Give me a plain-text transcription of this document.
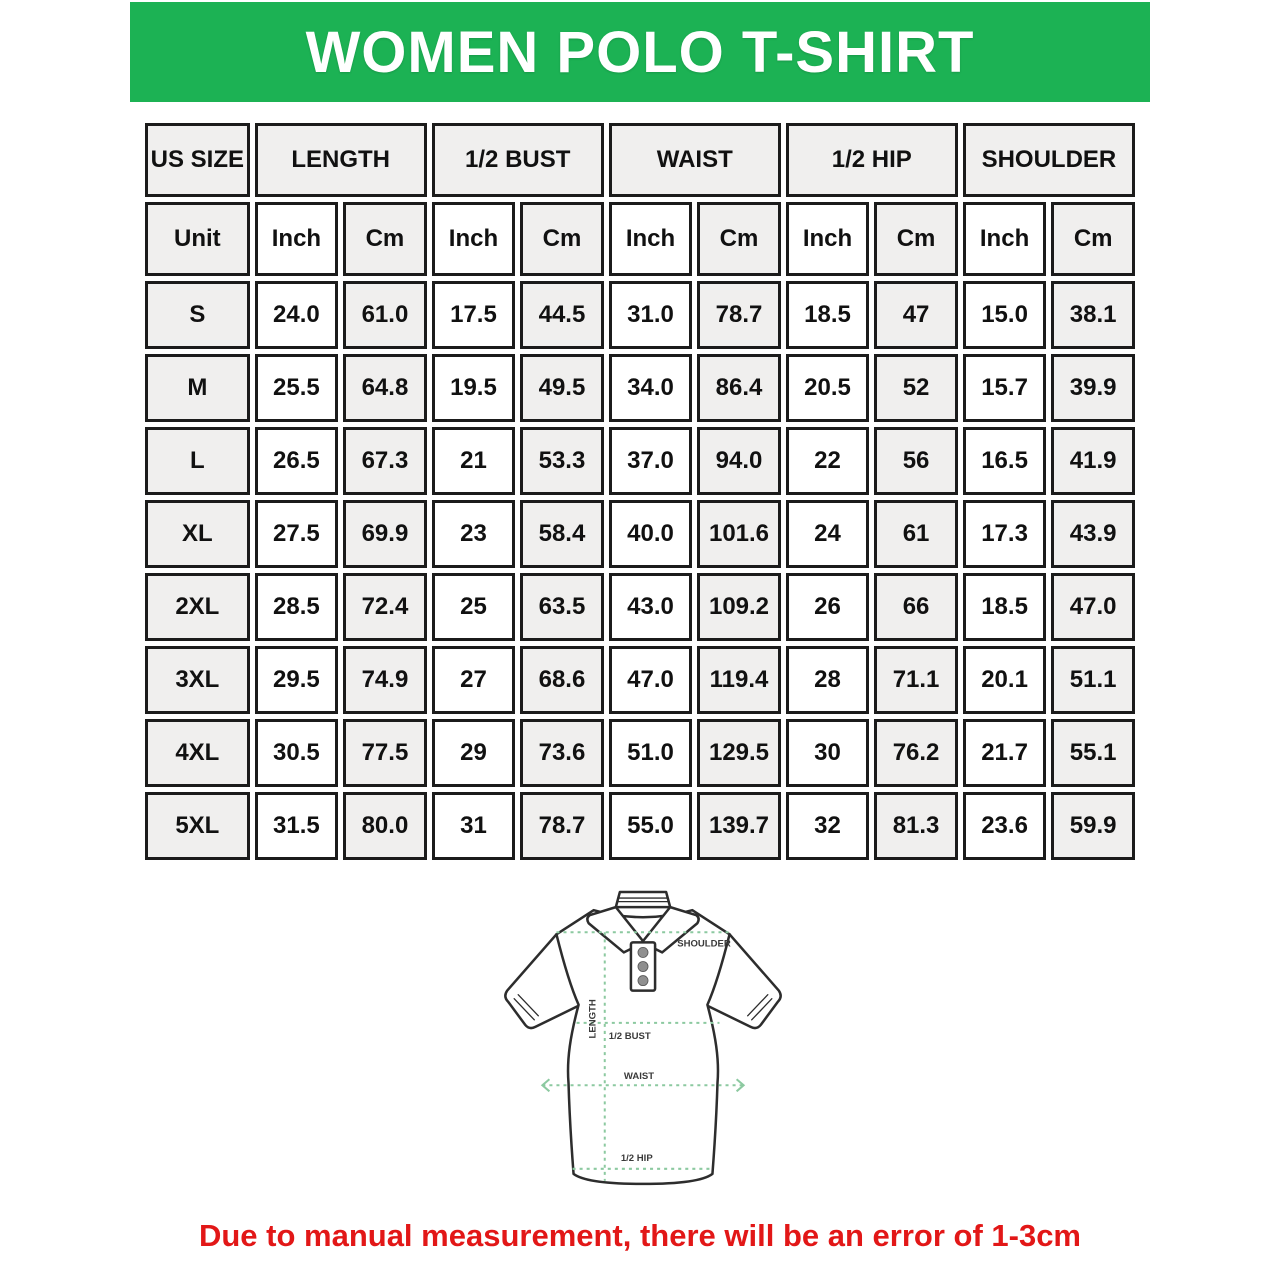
WOMEN POLO T-SHIRT
US SIZE	LENGTH		1/2 BUST		WAIST		1/2 HIP		SHOULDER	
Unit	Inch	Cm	Inch	Cm	Inch	Cm	Inch	Cm	Inch	Cm
S	24.0	61.0	17.5	44.5	31.0	78.7	18.5	47	15.0	38.1
M	25.5	64.8	19.5	49.5	34.0	86.4	20.5	52	15.7	39.9
L	26.5	67.3	21	53.3	37.0	94.0	22	56	16.5	41.9
XL	27.5	69.9	23	58.4	40.0	101.6	24	61	17.3	43.9
2XL	28.5	72.4	25	63.5	43.0	109.2	26	66	18.5	47.0
3XL	29.5	74.9	27	68.6	47.0	119.4	28	71.1	20.1	51.1
4XL	30.5	77.5	29	73.6	51.0	129.5	30	76.2	21.7	55.1
5XL	31.5	80.0	31	78.7	55.0	139.7	32	81.3	23.6	59.9
SHOULDER
LENGTH 1/2 BUST
WAIST
1/2 HIP
Due to manual measurement, there will be an error of 1-3cm
